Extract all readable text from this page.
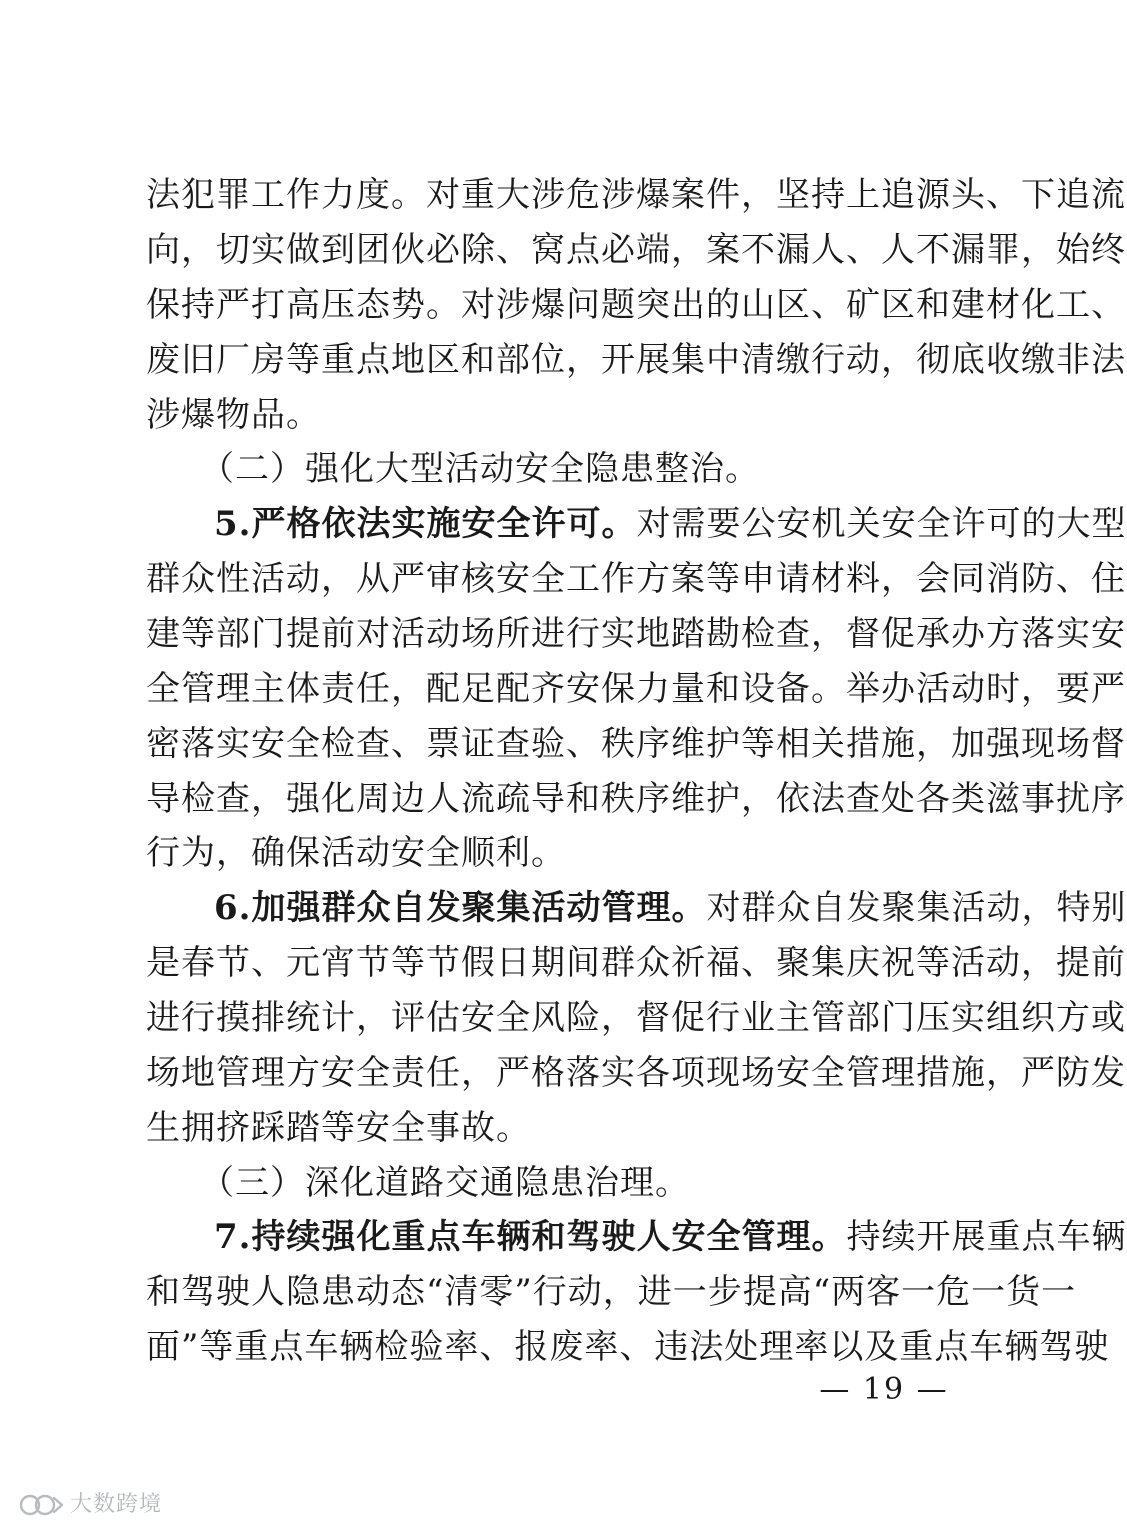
法犯罪工作力度。对重大涉危涉爆案件，坚持上追源头、下追流
向，切实做到团伙必除、窝点必端，案不漏人、人不漏罪，始终
保持严打高压态势。对涉爆问题突出的山区、矿区和建材化工、
废旧厂房等重点地区和部位，开展集中清缴行动，彻底收缴非法
涉爆物品。
（二）强化大型活动安全隐患整治。
5.严格依法实施安全许可。对需要公安机关安全许可的大型
群众性活动，从严审核安全工作方案等申请材料，会同消防、住
建等部门提前对活动场所进行实地踏勘检查，督促承办方落实安
全管理主体责任，配足配齐安保力量和设备。举办活动时，要严
密落实安全检查、票证查验、秩序维护等相关措施，加强现场督
导检查，强化周边人流疏导和秩序维护，依法查处各类滋事扰序
行为，确保活动安全顺利。
6.加强群众自发聚集活动管理。对群众自发聚集活动，特别
是春节、元宵节等节假日期间群众祈福、聚集庆祝等活动，提前
进行摸排统计，评估安全风险，督促行业主管部门压实组织方或
场地管理方安全责任，严格落实各项现场安全管理措施，严防发
生拥挤踩踏等安全事故。
（三）深化道路交通隐患治理。
7.持续强化重点车辆和驾驶人安全管理。持续开展重点车辆
和驾驶人隐患动态“清零”行动，进一步提高“两客一危一货一
面”等重点车辆检验率、报废率、违法处理率以及重点车辆驾驶
— 19 —
大数跨境
